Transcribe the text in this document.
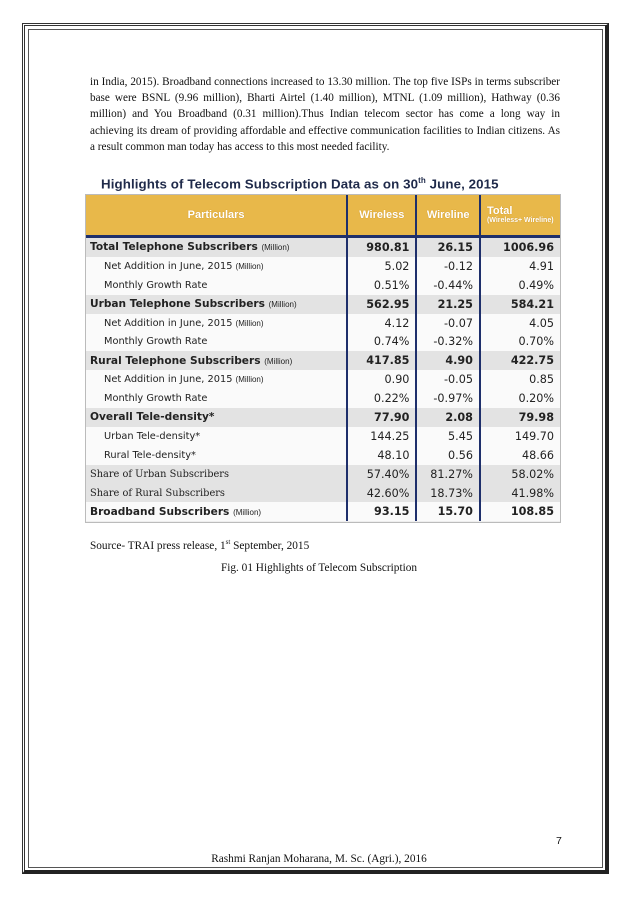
in India, 2015). Broadband connections increased to 13.30 million. The top five ISPs in terms subscriber base were BSNL (9.96 million), Bharti Airtel (1.40 million), MTNL (1.09 million), Hathway (0.36 million) and You Broadband (0.31 million).Thus Indian telecom sector has come a long way in achieving its dream of providing affordable and effective communication facilities to Indian citizens. As a result common man today has access to this most needed facility.

Highlights of Telecom Subscription Data as on 30th June, 2015
Particulars	Wireless	Wireline	Total
(Wireless+ Wireline)

Total Telephone Subscribers (Million)	980.81	26.15	1006.96
Net Addition in June, 2015 (Million)	5.02	-0.12	4.91
Monthly Growth Rate	0.51%	-0.44%	0.49%
Urban Telephone Subscribers (Million)	562.95	21.25	584.21
Net Addition in June, 2015 (Million)	4.12	-0.07	4.05
Monthly Growth Rate	0.74%	-0.32%	0.70%
Rural Telephone Subscribers (Million)	417.85	4.90	422.75
Net Addition in June, 2015 (Million)	0.90	-0.05	0.85
Monthly Growth Rate	0.22%	-0.97%	0.20%
Overall Tele-density*	77.90	2.08	79.98
Urban Tele-density*	144.25	5.45	149.70
Rural Tele-density*	48.10	0.56	48.66
Share of Urban Subscribers	57.40%	81.27%	58.02%
Share of Rural Subscribers	42.60%	18.73%	41.98%
Broadband Subscribers (Million)	93.15	15.70	108.85
Source- TRAI press release, 1st September, 2015
Fig. 01 Highlights of Telecom Subscription
7
Rashmi Ranjan Moharana, M. Sc. (Agri.), 2016
